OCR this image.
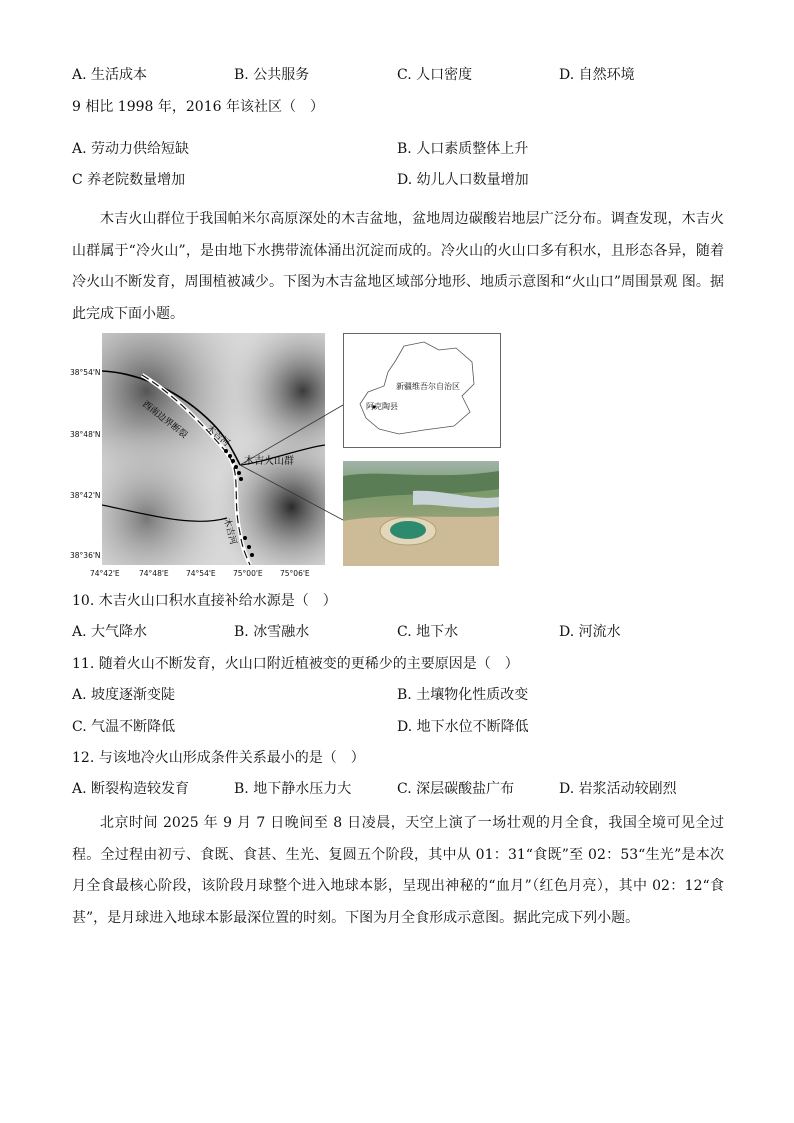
A. 生活成本	B. 公共服务	C. 人口密度	D. 自然环境
9 相比 1998 年，2016 年该社区（　）
A. 劳动力供给短缺	B. 人口素质整体上升
C 养老院数量增加	D. 幼儿人口数量增加
木吉火山群位于我国帕米尔高原深处的木吉盆地，盆地周边碳酸岩地层广泛分布。调查发现，木吉火山群属于“冷火山”，是由地下水携带流体涌出沉淀而成的。冷火山的火山口多有积水，且形态各异，随着冷火山不断发育，周围植被减少。下图为木吉盆地区域部分地形、地质示意图和“火山口”周围景观 图。据此完成下面小题。
西南边界断裂 木吉河
木吉河
木吉火山群
38°54'N
38°48'N
38°42'N
38°36'N
74°42'E	74°48'E 74°54'E 75°00'E 75°06'E
新疆维吾尔自治区
阿克陶县
10. 木吉火山口积水直接补给水源是（　）
A. 大气降水	B. 冰雪融水	C. 地下水	D. 河流水
11. 随着火山不断发育，火山口附近植被变的更稀少的主要原因是（　）
A. 坡度逐渐变陡	B. 土壤物化性质改变
C. 气温不断降低	D. 地下水位不断降低
12. 与该地冷火山形成条件关系最小的是（　）
A. 断裂构造较发育	B. 地下静水压力大	C. 深层碳酸盐广布	D. 岩浆活动较剧烈
北京时间 2025 年 9 月 7 日晚间至 8 日凌晨，天空上演了一场壮观的月全食，我国全境可见全过程。全过程由初亏、食既、食甚、生光、复圆五个阶段，其中从 01：31“食既”至 02：53“生光”是本次月全食最核心阶段，该阶段月球整个进入地球本影，呈现出神秘的“血月”（红色月亮），其中 02：12“食甚”，是月球进入地球本影最深位置的时刻。下图为月全食形成示意图。据此完成下列小题。
